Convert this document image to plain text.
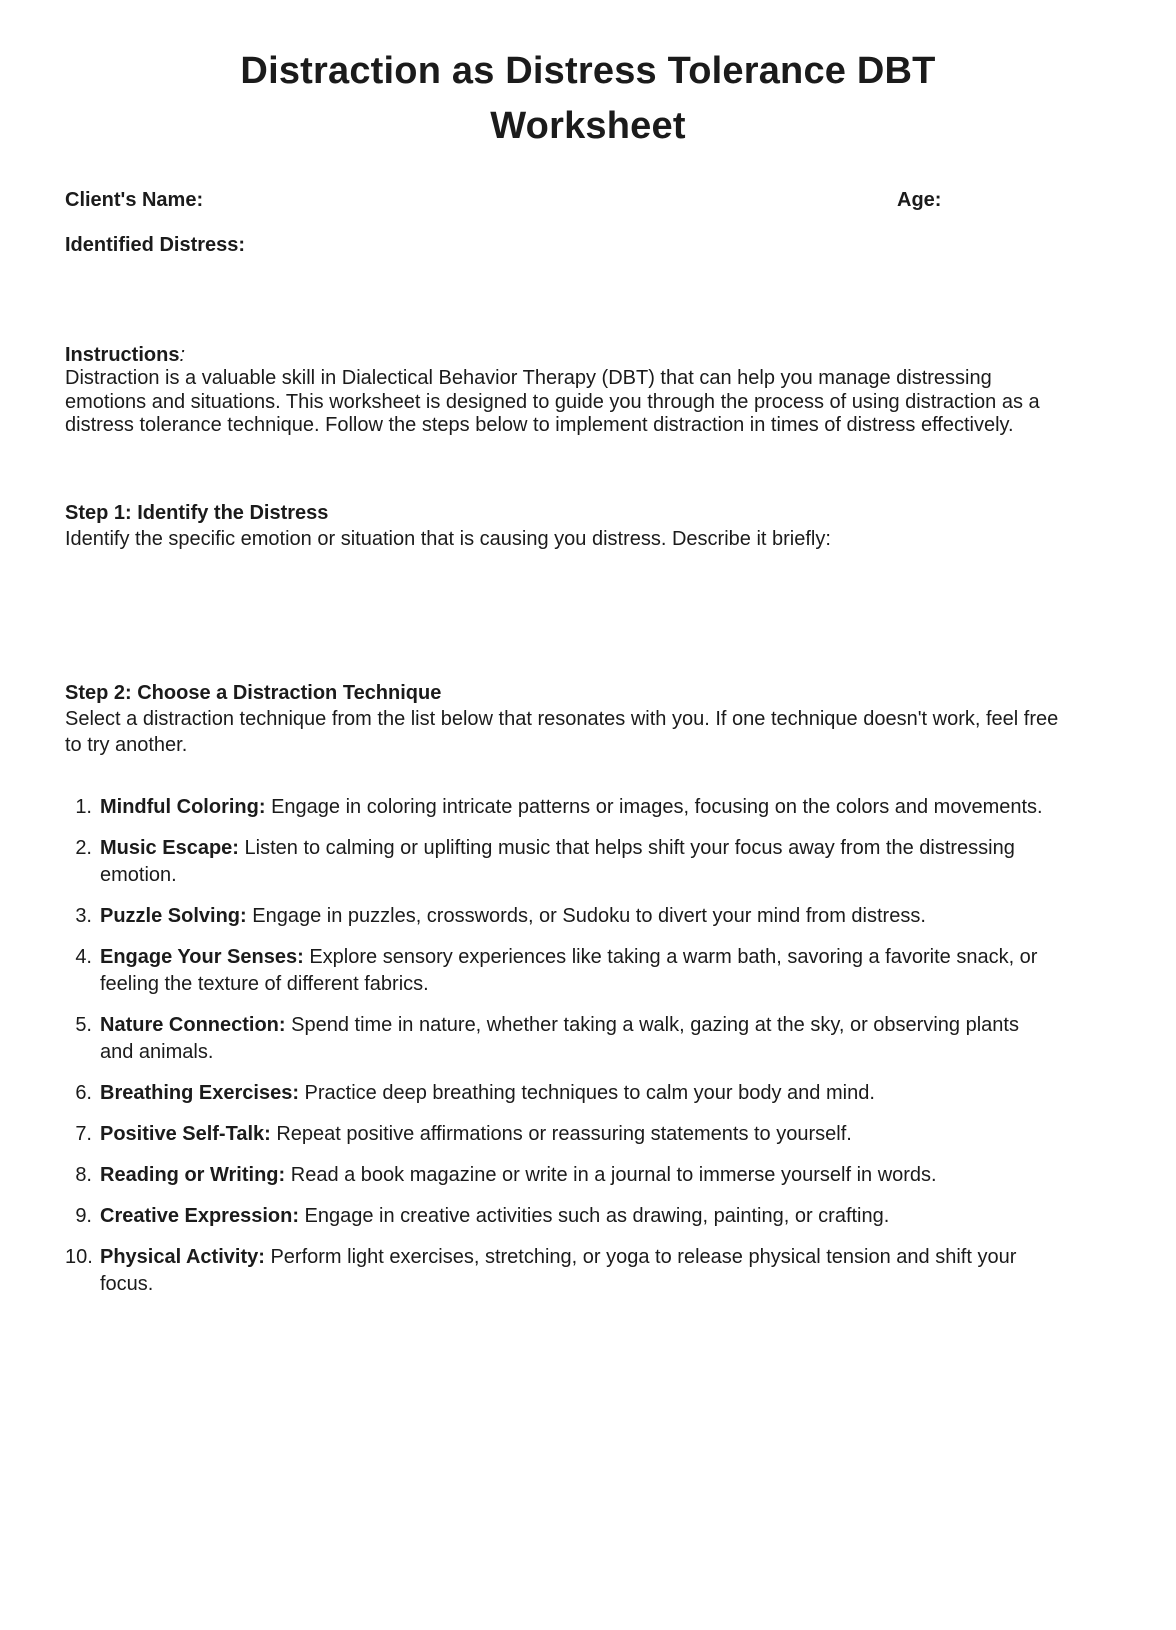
Distraction as Distress Tolerance DBT Worksheet
Client's Name:	Age:
Identified Distress:
Instructions:
Distraction is a valuable skill in Dialectical Behavior Therapy (DBT) that can help you manage distressing emotions and situations. This worksheet is designed to guide you through the process of using distraction as a distress tolerance technique. Follow the steps below to implement distraction in times of distress effectively.
Step 1: Identify the Distress
Identify the specific emotion or situation that is causing you distress. Describe it briefly:
Step 2: Choose a Distraction Technique
Select a distraction technique from the list below that resonates with you. If one technique doesn't work, feel free to try another.
1. Mindful Coloring: Engage in coloring intricate patterns or images, focusing on the colors and movements.
2. Music Escape: Listen to calming or uplifting music that helps shift your focus away from the distressing emotion.
3. Puzzle Solving: Engage in puzzles, crosswords, or Sudoku to divert your mind from distress.
4. Engage Your Senses: Explore sensory experiences like taking a warm bath, savoring a favorite snack, or feeling the texture of different fabrics.
5. Nature Connection: Spend time in nature, whether taking a walk, gazing at the sky, or observing plants and animals.
6. Breathing Exercises: Practice deep breathing techniques to calm your body and mind.
7. Positive Self-Talk: Repeat positive affirmations or reassuring statements to yourself.
8. Reading or Writing: Read a book magazine or write in a journal to immerse yourself in words.
9. Creative Expression: Engage in creative activities such as drawing, painting, or crafting.
10. Physical Activity: Perform light exercises, stretching, or yoga to release physical tension and shift your focus.
